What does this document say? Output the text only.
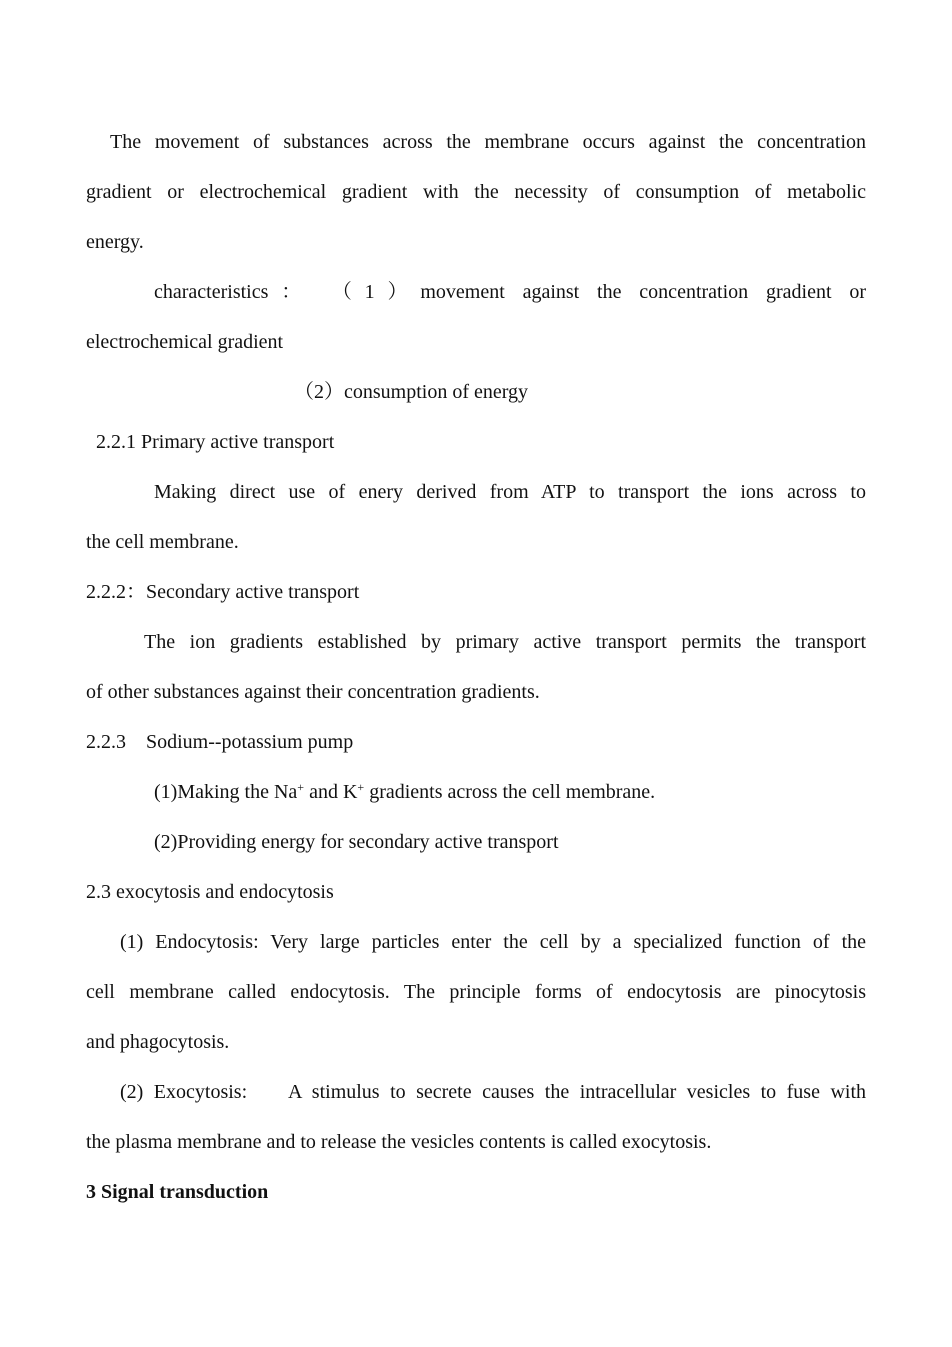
The movement of substances across the membrane occurs against the concentration
gradient or electrochemical gradient with the necessity of consumption of metabolic
energy.
characteristics： （1）movement against the concentration gradient or
electrochemical gradient
（2）consumption of energy
2.2.1 Primary active transport
Making direct use of enery derived from ATP to transport the ions across to
the cell membrane.
2.2.2：Secondary active transport
The ion gradients established by primary active transport permits the transport
of other substances against their concentration gradients.
2.2.3    Sodium--potassium pump
(1)Making the Na+ and K+ gradients across the cell membrane.
(2)Providing energy for secondary active transport
2.3 exocytosis and endocytosis
(1) Endocytosis: Very large particles enter the cell by a specialized function of the
cell membrane called endocytosis. The principle forms of endocytosis are pinocytosis
and phagocytosis.
(2) Exocytosis:    A stimulus to secrete causes the intracellular vesicles to fuse with
the plasma membrane and to release the vesicles contents is called exocytosis.
3 Signal transduction
